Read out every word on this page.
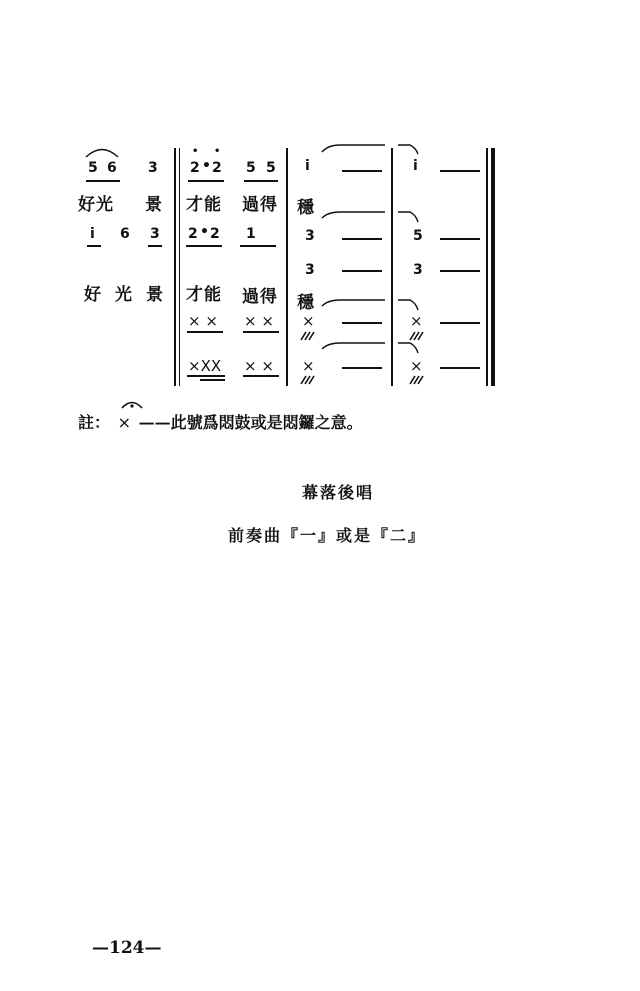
5 6 3 2 • 2
• •
5 5 i	i
好光 景 才能 過得 穩
i 6 3 2 • 2 1	3	5
3	3
好 光 景 才能 過得 穩
× × × × ×	×
×XX × × ×	×
註： × ——此號爲悶鼓或是悶鑼之意。
幕落後唱
前奏曲『一』或是『二』
—124—
